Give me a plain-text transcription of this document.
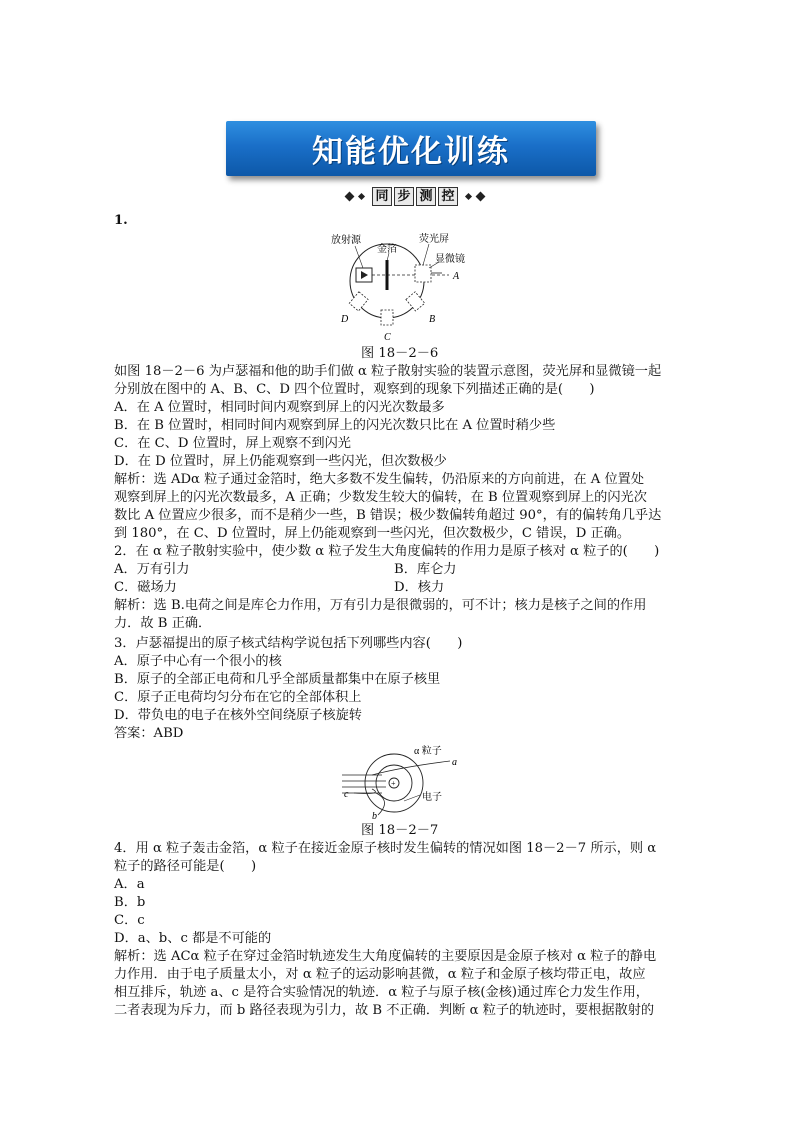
知能优化训练
同 步 测 控
1.
放射源
金箔
荧光屏
显微镜
A
B
C
D
图 18－2－6
如图 18－2－6 为卢瑟福和他的助手们做 α 粒子散射实验的装置示意图，荧光屏和显微镜一起
分别放在图中的 A、B、C、D 四个位置时，观察到的现象下列描述正确的是(　　)
A．在 A 位置时，相同时间内观察到屏上的闪光次数最多
B．在 B 位置时，相同时间内观察到屏上的闪光次数只比在 A 位置时稍少些
C．在 C、D 位置时，屏上观察不到闪光
D．在 D 位置时，屏上仍能观察到一些闪光，但次数极少
解析：选 ADα 粒子通过金箔时，绝大多数不发生偏转，仍沿原来的方向前进，在 A 位置处
观察到屏上的闪光次数最多，A 正确；少数发生较大的偏转，在 B 位置观察到屏上的闪光次
数比 A 位置应少很多，而不是稍少一些，B 错误；极少数偏转角超过 90°，有的偏转角几乎达
到 180°，在 C、D 位置时，屏上仍能观察到一些闪光，但次数极少，C 错误，D 正确。
2．在 α 粒子散射实验中，使少数 α 粒子发生大角度偏转的作用力是原子核对 α 粒子的(　　)
A．万有引力	B．库仑力
C．磁场力	D．核力
解析：选 B.电荷之间是库仑力作用，万有引力是很微弱的，可不计；核力是核子之间的作用
力．故 B 正确．
3．卢瑟福提出的原子核式结构学说包括下列哪些内容(　　)
A．原子中心有一个很小的核
B．原子的全部正电荷和几乎全部质量都集中在原子核里
C．原子正电荷均匀分布在它的全部体积上
D．带负电的电子在核外空间绕原子核旋转
答案：ABD
+
α 粒子
a
c
b
电子
图 18－2－7
4．用 α 粒子轰击金箔，α 粒子在接近金原子核时发生偏转的情况如图 18－2－7 所示，则 α
粒子的路径可能是(　　)
A．a
B．b
C．c
D．a、b、c 都是不可能的
解析：选 ACα 粒子在穿过金箔时轨迹发生大角度偏转的主要原因是金原子核对 α 粒子的静电
力作用．由于电子质量太小，对 α 粒子的运动影响甚微，α 粒子和金原子核均带正电，故应
相互排斥，轨迹 a、c 是符合实验情况的轨迹．α 粒子与原子核(金核)通过库仑力发生作用，
二者表现为斥力，而 b 路径表现为引力，故 B 不正确．判断 α 粒子的轨迹时，要根据散射的
